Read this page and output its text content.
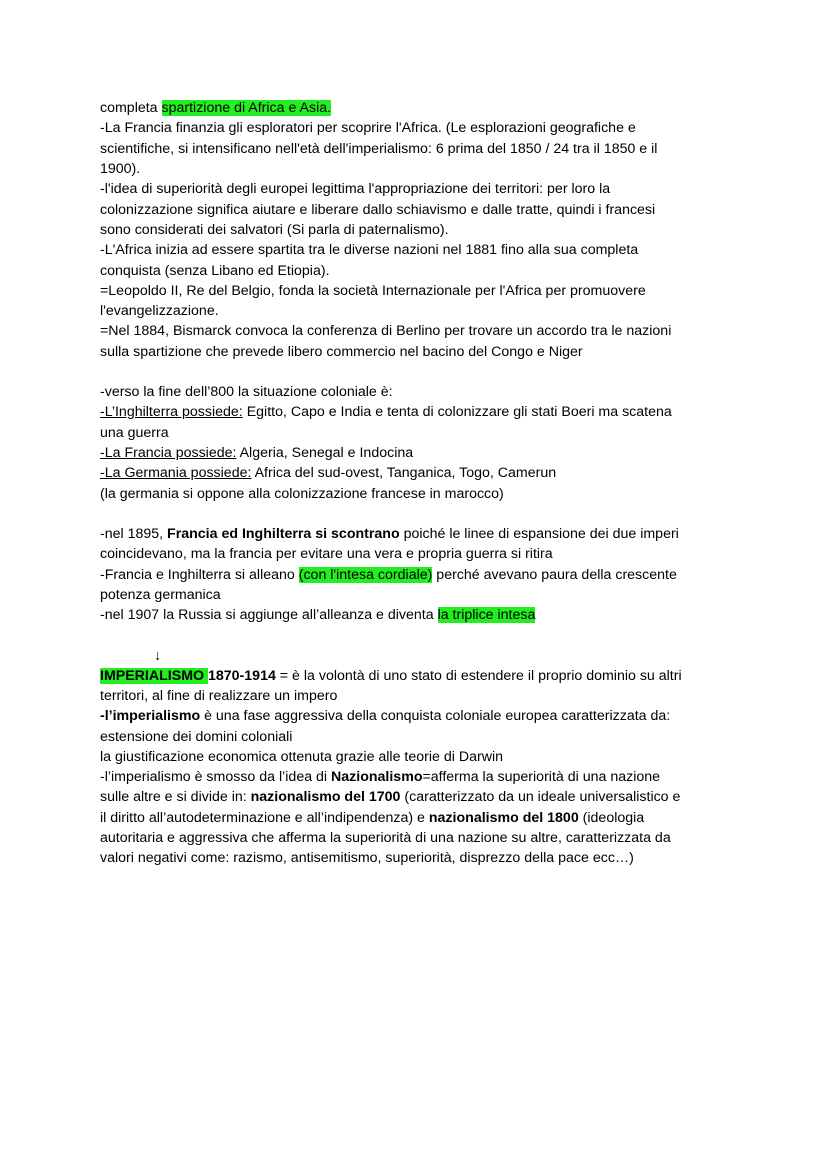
completa spartizione di Africa e Asia.
-La Francia finanzia gli esploratori per scoprire l'Africa. (Le esplorazioni geografiche e
scientifiche, si intensificano nell'età dell'imperialismo: 6 prima del 1850 / 24 tra il 1850 e il
1900).
-l'idea di superiorità degli europei legittima l'appropriazione dei territori: per loro la
colonizzazione significa aiutare e liberare dallo schiavismo e dalle tratte, quindi i francesi
sono considerati dei salvatori (Si parla di paternalismo).
-L'Africa inizia ad essere spartita tra le diverse nazioni nel 1881 fino alla sua completa
conquista (senza Libano ed Etiopia).
=Leopoldo II, Re del Belgio, fonda la società Internazionale per l'Africa per promuovere
l'evangelizzazione.
=Nel 1884, Bismarck convoca la conferenza di Berlino per trovare un accordo tra le nazioni
sulla spartizione che prevede libero commercio nel bacino del Congo e Niger
-verso la fine dell’800 la situazione coloniale è:
-L’Inghilterra possiede: Egitto, Capo e India e tenta di colonizzare gli stati Boeri ma scatena
una guerra
-La Francia possiede: Algeria, Senegal e Indocina
-La Germania possiede: Africa del sud-ovest, Tanganica, Togo, Camerun
(la germania si oppone alla colonizzazione francese in marocco)
-nel 1895, Francia ed Inghilterra si scontrano poiché le linee di espansione dei due imperi
coincidevano, ma la francia per evitare una vera e propria guerra si ritira
-Francia e Inghilterra si alleano (con l'intesa cordiale) perché avevano paura della crescente
potenza germanica
-nel 1907 la Russia si aggiunge all’alleanza e diventa la triplice intesa
↓
IMPERIALISMO 1870-1914 = è la volontà di uno stato di estendere il proprio dominio su altri
territori, al fine di realizzare un impero
-l’imperialismo è una fase aggressiva della conquista coloniale europea caratterizzata da:
estensione dei domini coloniali
la giustificazione economica ottenuta grazie alle teorie di Darwin
-l’imperialismo è smosso da l’idea di Nazionalismo=afferma la superiorità di una nazione
sulle altre e si divide in: nazionalismo del 1700 (caratterizzato da un ideale universalistico e
il diritto all’autodeterminazione e all’indipendenza) e nazionalismo del 1800 (ideologia
autoritaria e aggressiva che afferma la superiorità di una nazione su altre, caratterizzata da
valori negativi come: razismo, antisemitismo, superiorità, disprezzo della pace ecc…)
